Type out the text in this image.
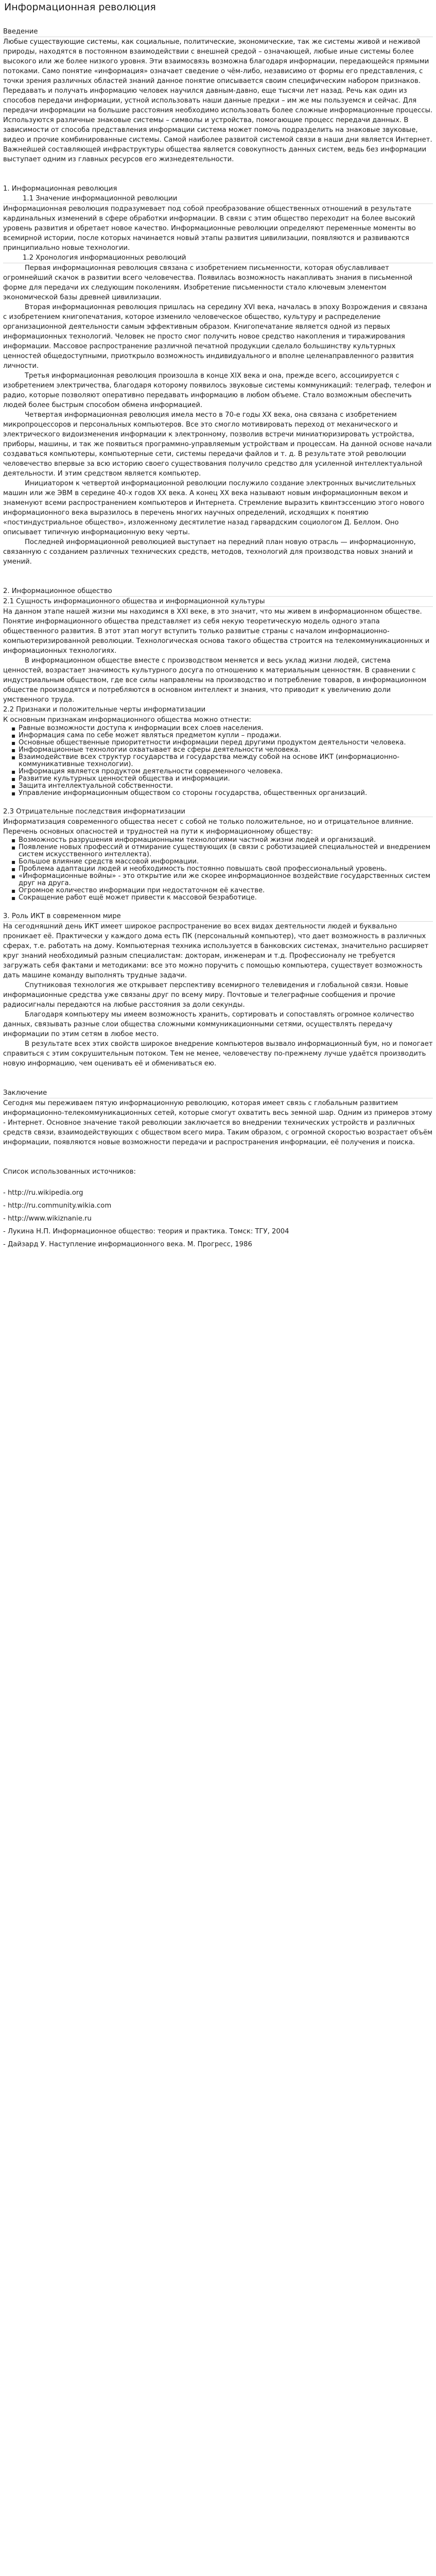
Информационная революция
Введение

Любые существующие системы, как социальные, политические, экономические, так же системы живой и неживой природы, находятся в постоянном взаимодействии с внешней средой – означающей, любые иные системы более высокого или же более низкого уровня. Эти взаимосвязь возможна благодаря информации, передающейся прямыми потоками. Само понятие «информация» означает сведение о чём-либо, независимо от формы его представления, с точки зрения различных областей знаний данное понятие описывается своим специфическим набором признаков. Передавать и получать информацию человек научился давным-давно, еще тысячи лет назад. Речь как один из способов передачи информации, устной использовать наши данные предки – им же мы пользуемся и сейчас. Для передачи информации на большие расстояния необходимо использовать более сложные информационные процессы. Используются различные знаковые системы – символы и устройства, помогающие процесс передачи данных. В зависимости от способа представления информации система может помочь подразделить на знаковые звуковые, видео и прочие комбинированные системы. Самой наиболее развитой системой связи в наши дни является Интернет. Важнейшей составляющей инфраструктуры общества является совокупность данных систем, ведь без информации выступает одним из главных ресурсов его жизнедеятельности.

1. Информационная революция
1.1 Значение информационной революции

Информационная революция подразумевает под собой преобразование общественных отношений в результате кардинальных изменений в сфере обработки информации. В связи с этим общество переходит на более высокий уровень развития и обретает новое качество. Информационные революции определяют переменные моменты во всемирной истории, после которых начинается новый этапы развития цивилизации, появляются и развиваются принципиально новые технологии.

1.2 Хронология информационных революций

Первая информационная революция связана с изобретением письменности, которая обуславливает огромнейший скачок в развитии всего человечества. Появилась возможность накапливать знания в письменной форме для передачи их следующим поколениям. Изобретение письменности стало ключевым элементом экономической базы древней цивилизации.

Вторая информационная революция пришлась на середину XVI века, началась в эпоху Возрождения и связана с изобретением книгопечатания, которое изменило человеческое общество, культуру и распределение организационной деятельности самым эффективным образом. Книгопечатание является одной из первых информационных технологий. Человек не просто смог получить новое средство накопления и тиражирования информации. Массовое распространение различной печатной продукции сделало большинству культурных ценностей общедоступными, приоткрыло возможность индивидуального и вполне целенаправленного развития личности.

Третья информационная революция произошла в конце XIX века и она, прежде всего, ассоциируется с изобретением электричества, благодаря которому появилось звуковые системы коммуникаций: телеграф, телефон и радио, которые позволяют оперативно передавать информацию в любом объеме. Стало возможным обеспечить людей более быстрым способом обмена информацией.

Четвертая информационная революция имела место в 70-е годы XX века, она связана с изобретением микропроцессоров и персональных компьютеров. Все это смогло мотивировать переход от механического и электрического видоизменения информации к электронному, позволив встречи миниатюризировать устройства, приборы, машины, и так же появиться программно-управляемым устройствам и процессам. На данной основе начали создаваться компьютеры, компьютерные сети, системы передачи файлов и т. д. В результате этой революции человечество впервые за всю историю своего существования получило средство для усиленной интеллектуальной деятельности. И этим средством является компьютер.

Инициатором к четвертой информационной революции послужило создание электронных вычислительных машин или же ЭВМ в середине 40-х годов XX века. А конец XX века называют новым информационным веком и знаменуют всеми распространением компьютеров и Интернета. Стремление выразить квинтэссенцию этого нового информационного века выразилось в перечень многих научных определений, исходящих к понятию «постиндустриальное общество», изложенному десятилетие назад гарвардским социологом Д. Беллом. Оно описывает типичную информационную веку черты.

Последней информационной революцией выступает на передний план новую отрасль — информационную, связанную с созданием различных технических средств, методов, технологий для производства новых знаний и умений.

2. Информационное общество
2.1 Сущность информационного общества и информационной культуры

На данном этапе нашей жизни мы находимся в XXI веке, в это значит, что мы живем в информационном обществе. Понятие информационного общества представляет из себя некую теоретическую модель одного этапа общественного развития. В этот этап могут вступить только развитые страны с началом информационно-компьютеризированной революции. Технологическая основа такого общества строится на телекоммуникационных и информационных технологиях.

В информационном обществе вместе с производством меняется и весь уклад жизни людей, система ценностей, возрастает значимость культурного досуга по отношению к материальным ценностям. В сравнении с индустриальным обществом, где все силы направлены на производство и потребление товаров, в информационном обществе производятся и потребляются в основном интеллект и знания, что приводит к увеличению доли умственного труда.

2.2 Признаки и положительные черты информатизации

К основным признакам информационного общества можно отнести:

▪ Равные возможности доступа к информации всех слоев населения.
▪ Информация сама по себе может являться предметом купли – продажи.
▪ Основные общественные приоритетности информации перед другими продуктом деятельности человека.
▪ Информационные технологии охватывает все сферы деятельности человека.
▪ Взаимодействие всех структур государства и государства между собой на основе ИКТ (информационно-коммуникативные технологии).
▪ Информация является продуктом деятельности современного человека.
▪ Развитие культурных ценностей общества и информации.
▪ Защита интеллектуальной собственности.
▪ Управление информационным обществом со стороны государства, общественных организаций.
2.3 Отрицательные последствия информатизации

Информатизация современного общества несет с собой не только положительное, но и отрицательное влияние. Перечень основных опасностей и трудностей на пути к информационному обществу:

▪ Возможность разрушения информационными технологиями частной жизни людей и организаций.
▪ Появление новых профессий и отмирание существующих (в связи с роботизацией специальностей и внедрением систем искусственного интеллекта).
▪ Большое влияние средств массовой информации.
▪ Проблема адаптации людей и необходимость постоянно повышать свой профессиональный уровень.
▪ «Информационные войны» - это открытие или же скорее информационное воздействие государственных систем друг на друга.
▪ Огромное количество информации при недостаточном её качестве.
▪ Сокращение работ ещё может привести к массовой безработице.
3. Роль ИКТ в современном мире

На сегодняшний день ИКТ имеет широкое распространение во всех видах деятельности людей и буквально проникает её. Практически у каждого дома есть ПК (персональный компьютер), что дает возможность в различных сферах, т.е. работать на дому. Компьютерная техника используется в банковских системах, значительно расширяет круг знаний необходимый разным специалистам: докторам, инженерам и т.д. Профессионалу не требуется загружать себя фактами и методиками: все это можно поручить с помощью компьютера, существует возможность дать машине команду выполнять трудные задачи.

Спутниковая технология же открывает перспективу всемирного телевидения и глобальной связи. Новые информационные средства уже связаны друг по всему миру. Почтовые и телеграфные сообщения и прочие радиосигналы передаются на любые расстояния за доли секунды.

Благодаря компьютеру мы имеем возможность хранить, сортировать и сопоставлять огромное количество данных, связывать разные слои общества сложными коммуникационными сетями, осуществлять передачу информации по этим сетям в любое место.

В результате всех этих свойств широкое внедрение компьютеров вызвало информационный бум, но и помогает справиться с этим сокрушительным потоком. Тем не менее, человечеству по-прежнему лучше удаётся производить новую информацию, чем оценивать её и обмениваться ею.

Заключение

Сегодня мы переживаем пятую информационную революцию, которая имеет связь с глобальным развитием информационно-телекоммуникационных сетей, которые смогут охватить весь земной шар. Одним из примеров этому - Интернет. Основное значение такой революции заключается во внедрении технических устройств и различных средств связи, взаимодействующих с обществом всего мира. Таким образом, с огромной скоростью возрастает объём информации, появляются новые возможности передачи и распространения информации, её получения и поиска.

Список использованных источников:
- http://ru.wikipedia.org
- http://ru.community.wikia.com
- http://www.wikiznanie.ru
- Лукина Н.П. Информационное общество: теория и практика. Томск: ТГУ, 2004
- Дайзард У. Наступление информационного века. М. Прогресс, 1986
